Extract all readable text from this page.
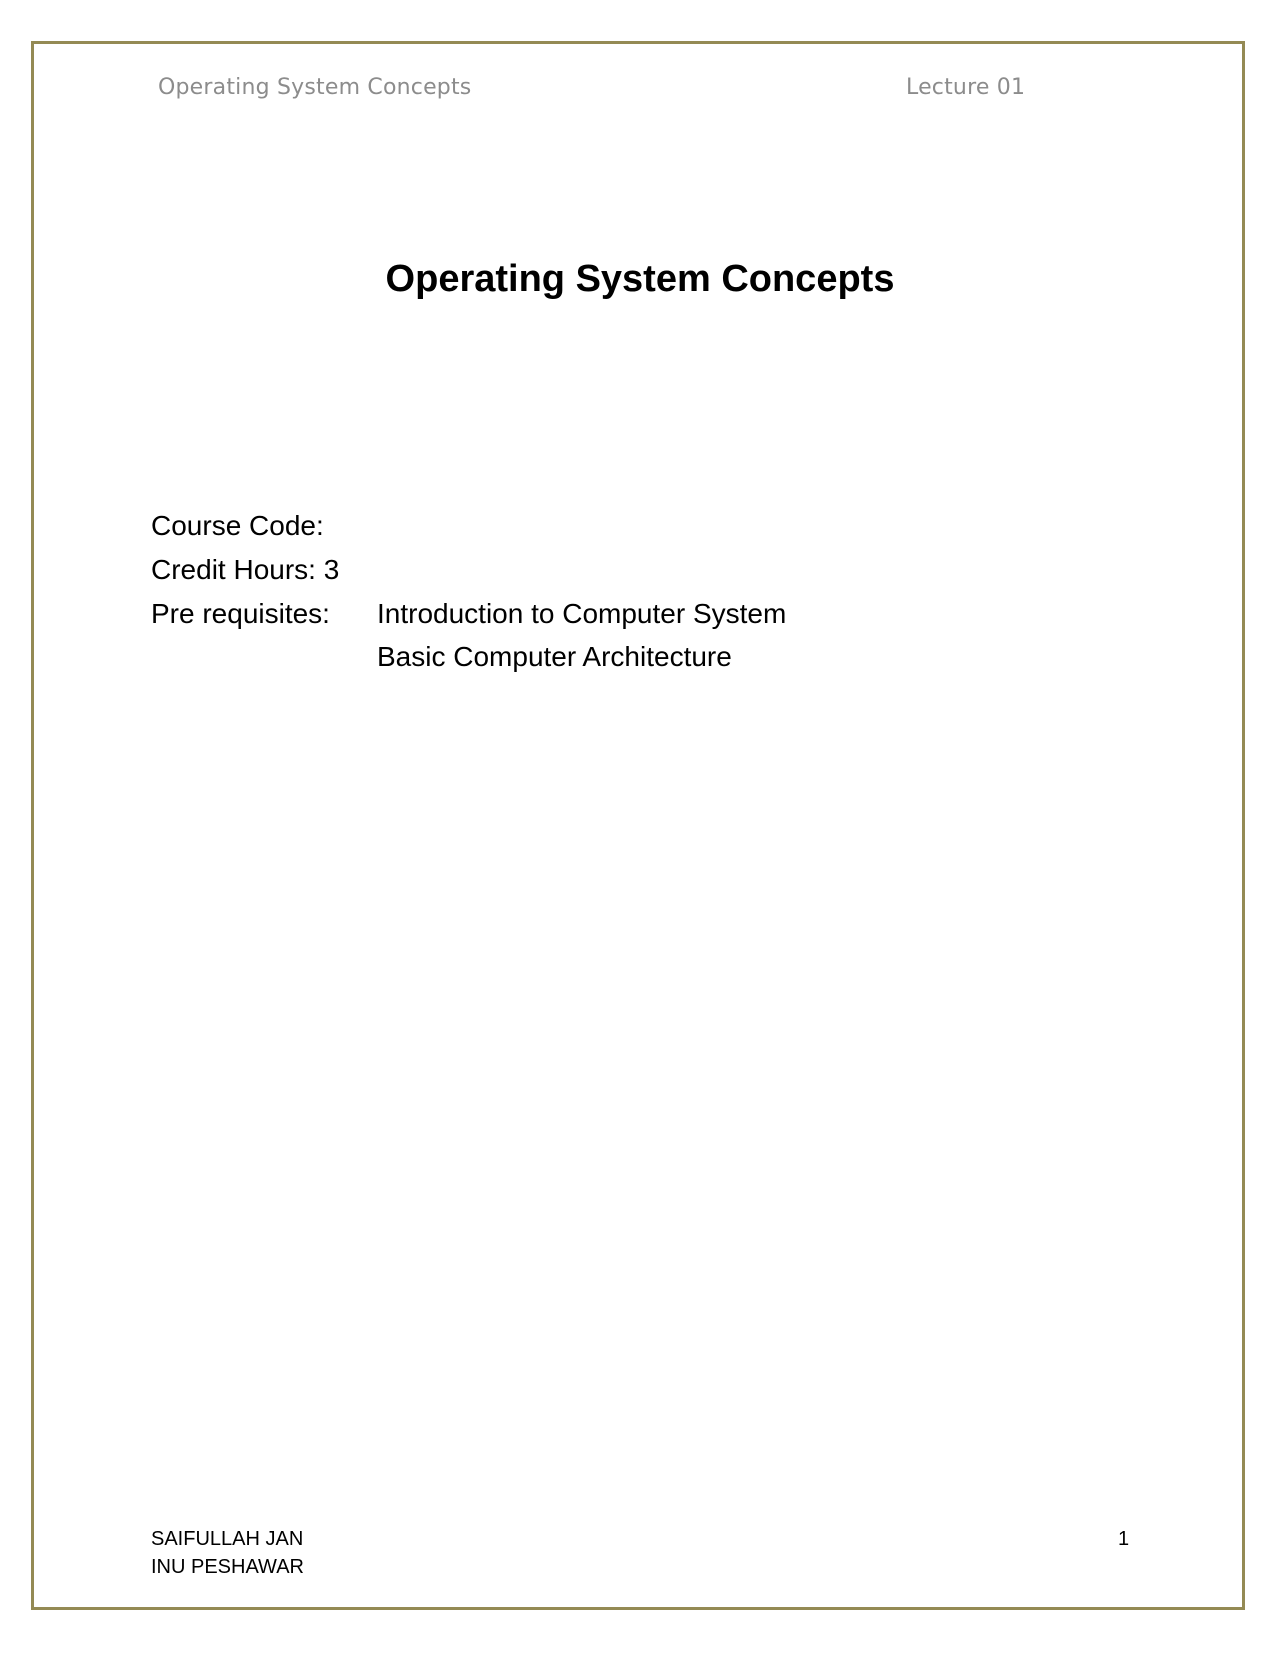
Operating System Concepts	Lecture 01
Operating System Concepts
Course Code:
Credit Hours: 3
Pre requisites: Introduction to Computer System
Basic Computer Architecture
SAIFULLAH JAN
INU PESHAWAR
1
